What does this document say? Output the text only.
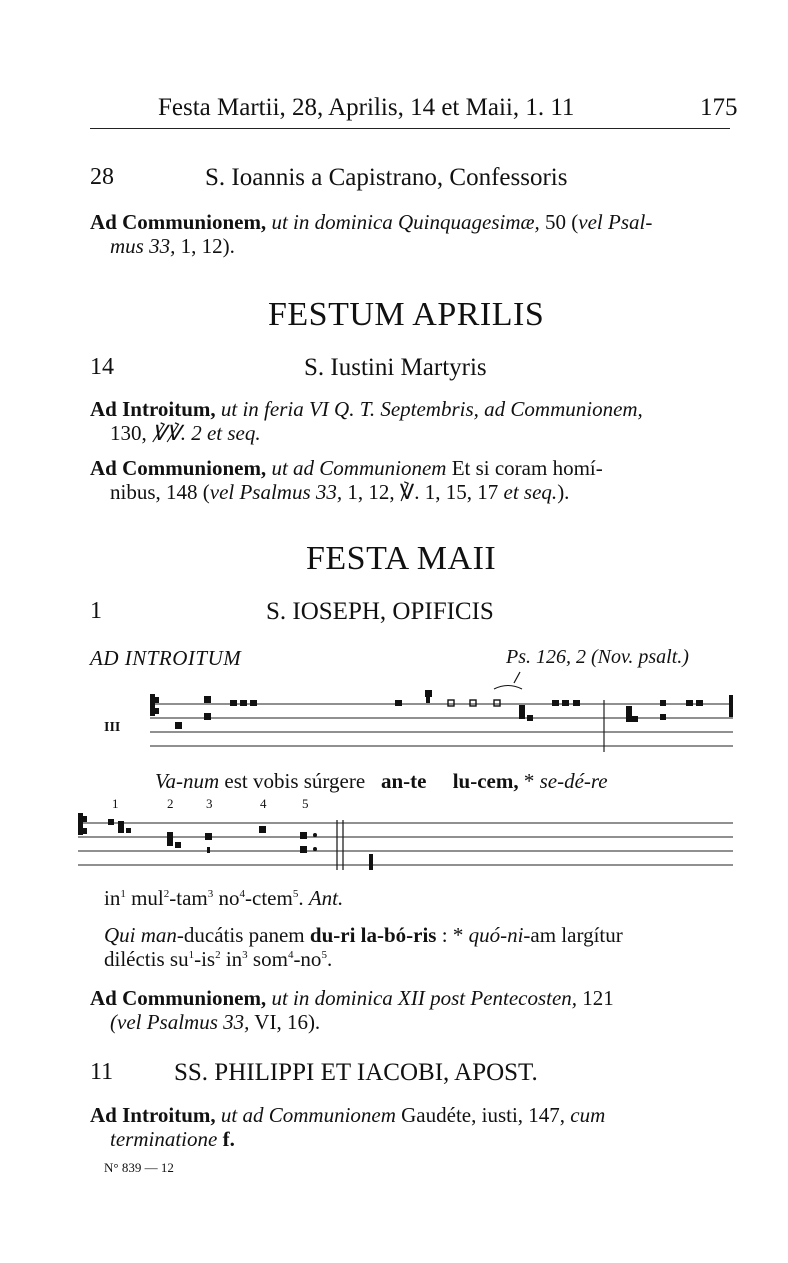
Festa Martii, 28, Aprilis, 14 et Maii, 1. 11	175
28	S. Ioannis a Capistrano, Confessoris
Ad Communionem, ut in dominica Quinquagesimæ, 50 (vel Psal-
mus 33, 1, 12).
FESTUM APRILIS
14	S. Iustini Martyris
Ad Introitum, ut in feria VI Q. T. Septembris, ad Communionem,
130, ℣℣. 2 et seq.
Ad Communionem, ut ad Communionem Et si coram homí-
nibus, 148 (vel Psalmus 33, 1, 12, ℣. 1, 15, 17 et seq.).
FESTA MAII
1	S. IOSEPH, OPIFICIS
AD INTROITUM	Ps. 126, 2 (Nov. psalt.)
III
Va-num est vobis súrgere an-te lu-cem, * se-dé-re
1	2	3	4	5
$in^1$ mul$^2$-tam$^3$ $no^4-ctem^5$. Ant.
Qui man-ducátis panem du-ri la-bó-ris : * quó-ni-am largítur
diléctis $su^1-is^2$ $in^3$ $som^4-no^5$.
Ad Communionem, ut in dominica XII post Pentecosten, 121
(vel Psalmus 33, VI, 16).
11 SS. PHILIPPI ET IACOBI, APOST.
Ad Introitum, ut ad Communionem Gaudéte, iusti, 147, cum
terminatione f.
N° 839 — 12
